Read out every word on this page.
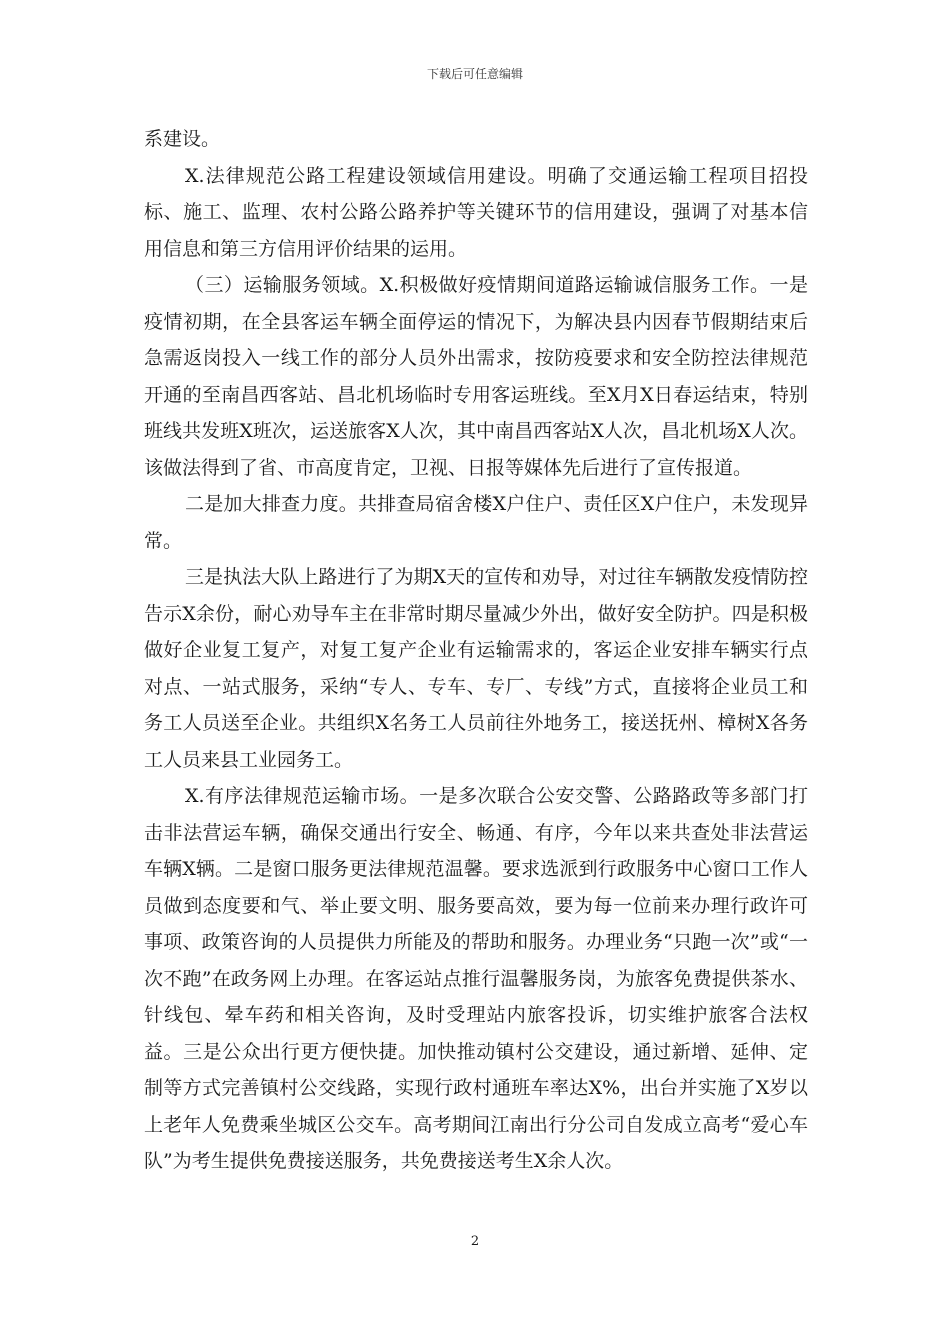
下载后可任意编辑

系建设。

X.法律规范公路工程建设领域信用建设。明确了交通运输工程项目招投标、施工、监理、农村公路公路养护等关键环节的信用建设，强调了对基本信用信息和第三方信用评价结果的运用。

（三）运输服务领域。X.积极做好疫情期间道路运输诚信服务工作。一是疫情初期，在全县客运车辆全面停运的情况下，为解决县内因春节假期结束后急需返岗投入一线工作的部分人员外出需求，按防疫要求和安全防控法律规范开通的至南昌西客站、昌北机场临时专用客运班线。至X月X日春运结束，特别班线共发班X班次，运送旅客X人次，其中南昌西客站X人次，昌北机场X人次。该做法得到了省、市高度肯定，卫视、日报等媒体先后进行了宣传报道。

二是加大排查力度。共排查局宿舍楼X户住户、责任区X户住户，未发现异常。

三是执法大队上路进行了为期X天的宣传和劝导，对过往车辆散发疫情防控告示X余份，耐心劝导车主在非常时期尽量减少外出，做好安全防护。四是积极做好企业复工复产，对复工复产企业有运输需求的，客运企业安排车辆实行点对点、一站式服务，采纳“专人、专车、专厂、专线”方式，直接将企业员工和务工人员送至企业。共组织X名务工人员前往外地务工，接送抚州、樟树X各务工人员来县工业园务工。

X.有序法律规范运输市场。一是多次联合公安交警、公路路政等多部门打击非法营运车辆，确保交通出行安全、畅通、有序，今年以来共查处非法营运车辆X辆。二是窗口服务更法律规范温馨。要求选派到行政服务中心窗口工作人员做到态度要和气、举止要文明、服务要高效，要为每一位前来办理行政许可事项、政策咨询的人员提供力所能及的帮助和服务。办理业务“只跑一次”或“一次不跑”在政务网上办理。在客运站点推行温馨服务岗，为旅客免费提供茶水、针线包、晕车药和相关咨询，及时受理站内旅客投诉，切实维护旅客合法权益。三是公众出行更方便快捷。加快推动镇村公交建设，通过新增、延伸、定制等方式完善镇村公交线路，实现行政村通班车率达X%，出台并实施了X岁以上老年人免费乘坐城区公交车。高考期间江南出行分公司自发成立高考“爱心车队”为考生提供免费接送服务，共免费接送考生X余人次。

2
